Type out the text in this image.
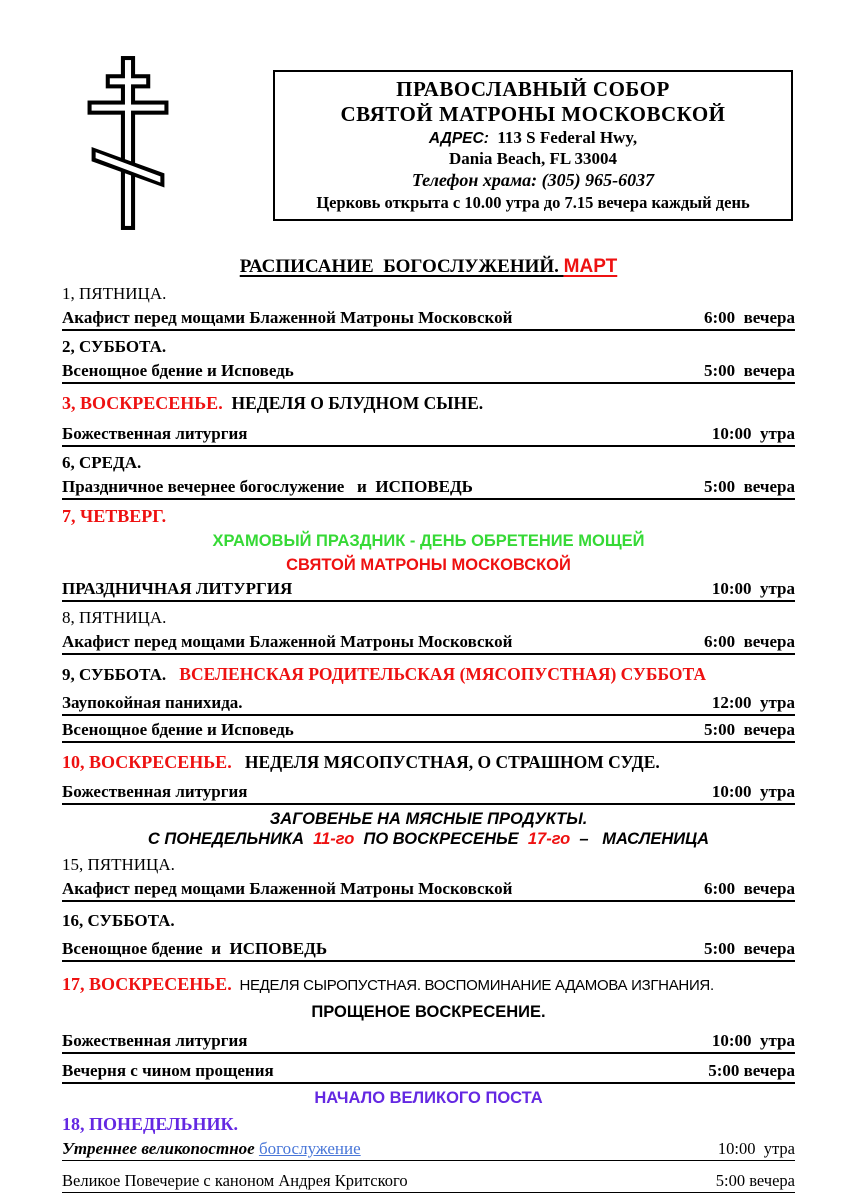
ПРАВОСЛАВНЫЙ СОБОР
СВЯТОЙ МАТРОНЫ МОСКОВСКОЙ
АДРЕС:  113 S Federal Hwy,
Dania Beach, FL 33004
Телефон храма: (305) 965-6037
Церковь открыта с 10.00 утра до 7.15 вечера каждый день
РАСПИСАНИЕ  БОГОСЛУЖЕНИЙ. МАРТ
1, ПЯТНИЦА.
Акафист перед мощами Блаженной Матроны Московской	6:00  вечера
2, СУББОТА.
Всенощное бдение и Исповедь	5:00  вечера
3, ВОСКРЕСЕНЬЕ.  НЕДЕЛЯ О БЛУДНОМ СЫНЕ.
Божественная литургия	10:00  утра
6, СРЕДА.
Праздничное вечернее богослужение   и  ИСПОВЕДЬ	5:00  вечера
7, ЧЕТВЕРГ.
ХРАМОВЫЙ ПРАЗДНИК - ДЕНЬ ОБРЕТЕНИЕ МОЩЕЙ
СВЯТОЙ МАТРОНЫ МОСКОВСКОЙ
ПРАЗДНИЧНАЯ ЛИТУРГИЯ	10:00  утра
8, ПЯТНИЦА.
Акафист перед мощами Блаженной Матроны Московской	6:00  вечера
9, СУББОТА.   ВСЕЛЕНСКАЯ РОДИТЕЛЬСКАЯ (МЯСОПУСТНАЯ) СУББОТА
Заупокойная панихида.	12:00  утра
Всенощное бдение и Исповедь	5:00  вечера
10, ВОСКРЕСЕНЬЕ.   НЕДЕЛЯ МЯСОПУСТНАЯ, О СТРАШНОМ СУДЕ.
Божественная литургия	10:00  утра
ЗАГОВЕНЬЕ НА МЯСНЫЕ ПРОДУКТЫ.
С ПОНЕДЕЛЬНИКА  11-го  ПО ВОСКРЕСЕНЬЕ  17-го  –   МАСЛЕНИЦА
15, ПЯТНИЦА.
Акафист перед мощами Блаженной Матроны Московской	6:00  вечера
16, СУББОТА.
Всенощное бдение  и  ИСПОВЕДЬ	5:00  вечера
17, ВОСКРЕСЕНЬЕ.  НЕДЕЛЯ СЫРОПУСТНАЯ. ВОСПОМИНАНИЕ АДАМОВА ИЗГНАНИЯ.
ПРОЩЕНОЕ ВОСКРЕСЕНИЕ.
Божественная литургия	10:00  утра
Вечерня с чином прощения	5:00 вечера
НАЧАЛО ВЕЛИКОГО ПОСТА
18, ПОНЕДЕЛЬНИК.
Утреннее великопостное богослужение	10:00  утра
Великое Повечерие с каноном Андрея Критского	5:00 вечера
